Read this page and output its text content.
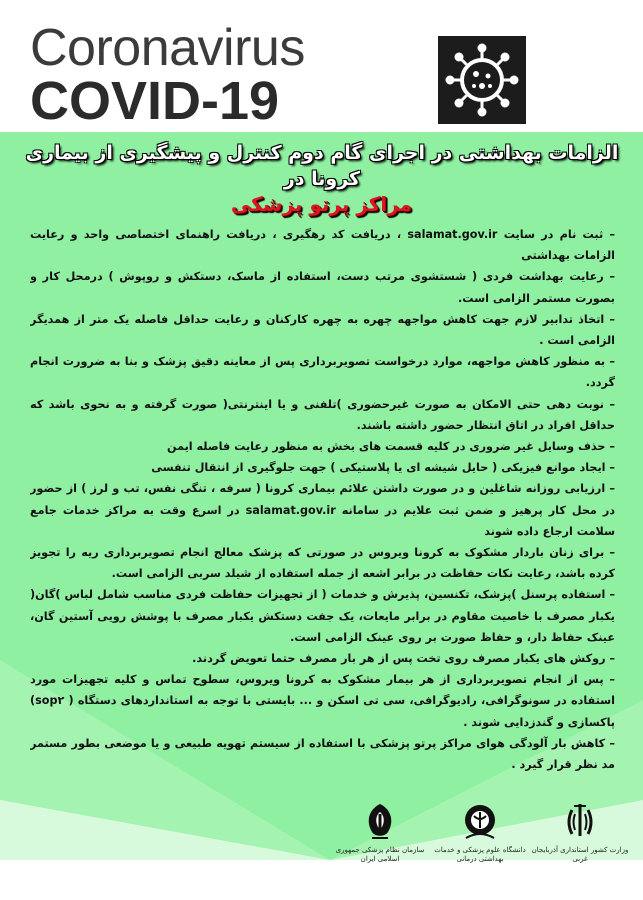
Coronavirus
COVID-19
الزامات بهداشتی در اجرای گام دوم کنترل و پیشگیری از بیماری کرونا در
مراکز پرتو پزشکی

– ثبت نام در سایت salamat.gov.ir ، دریافت کد رهگیری ، دریافت راهنمای اختصاصی واحد و رعایت الزامات بهداشتی

– رعایت بهداشت فردی ( شستشوی مرتب دست، استفاده از ماسک، دستکش و روپوش ) درمحل کار و بصورت مستمر الزامی است.

– اتخاذ تدابیر لازم جهت کاهش مواجهه چهره به چهره کارکنان و رعایت حداقل فاصله یک متر از همدیگر الزامی است .

– به منظور کاهش مواجهه، موارد درخواست تصویربرداری پس از معاینه دقیق پزشک و بنا به ضرورت انجام گردد.

– نوبت دهی حتی الامکان به صورت غیرحضوری )تلفنی و یا اینترنتی( صورت گرفته و به نحوی باشد که حداقل افراد در اتاق انتظار حضور داشته باشند.

– حذف وسایل غیر ضروری در کلیه قسمت های بخش به منظور رعایت فاصله ایمن

– ایجاد موانع فیزیکی ( حایل شیشه ای یا پلاستیکی ) جهت جلوگیری از انتقال تنفسی

– ارزیابی روزانه شاغلین و در صورت داشتن علائم بیماری کرونا ( سرفه ، تنگی نفس، تب و لرز ) از حضور در محل کار پرهیز و ضمن ثبت علایم در سامانه salamat.gov.ir در اسرع وقت به مراکز خدمات جامع سلامت ارجاع داده شوند

– برای زنان باردار مشکوک به کرونا ویروس در صورتی که پزشک معالج انجام تصویربرداری ریه را تجویز کرده باشد، رعایت نکات حفاظت در برابر اشعه از جمله استفاده از شیلد سربی الزامی است.

– استفاده پرسنل )پزشک، تکنسین، پذیرش و خدمات ( از تجهیزات حفاظت فردی مناسب شامل لباس )گان( یکبار مصرف با خاصیت مقاوم در برابر مایعات، یک جفت دستکش یکبار مصرف با پوشش رویی آستین گان، عینک حفاظ دار، و حفاظ صورت بر روی عینک الزامی است.

– روکش های یکبار مصرف روی تخت پس از هر بار مصرف حتما تعویض گردند.

– پس از انجام تصویربرداری از هر بیمار مشکوک به کرونا ویروس، سطوح تماس و کلیه تجهیزات مورد استفاده در سونوگرافی، رادیوگرافی، سی تی اسکن و ... بایستی با توجه به استانداردهای دستگاه ( sop۲) پاکسازی و گندزدایی شوند .

– کاهش بار آلودگی هوای مراکز پرتو پزشکی با استفاده از سیستم تهویه طبیعی و یا موضعی بطور مستمر مد نظر قرار گیرد .

سازمان نظام پزشکی جمهوری اسلامی ایران
دانشگاه علوم پزشکی و خدمات بهداشتی درمانی
وزارت کشور استانداری آذربایجان غربی
